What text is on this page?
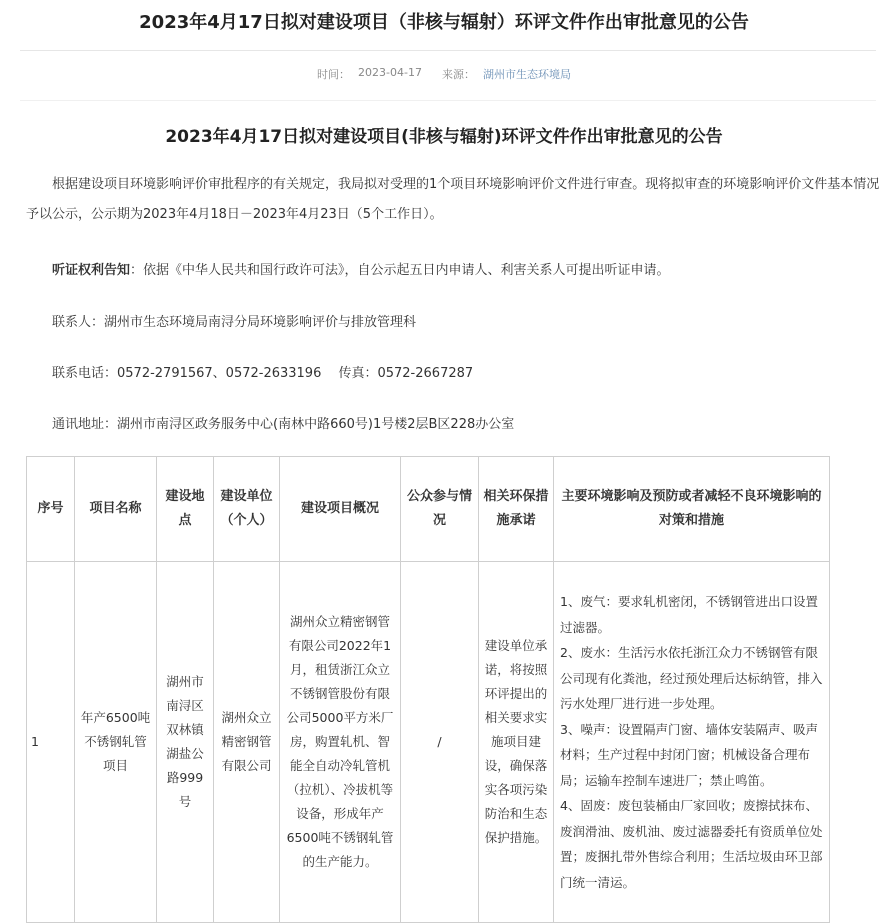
2023年4月17日拟对建设项目（非核与辐射）环评文件作出审批意见的公告
时间： 2023-04-17 来源： 湖州市生态环境局
2023年4月17日拟对建设项目(非核与辐射)环评文件作出审批意见的公告
根据建设项目环境影响评价审批程序的有关规定，我局拟对受理的1个项目环境影响评价文件进行审查。现将拟审查的环境影响评价文件基本情况予以公示，公示期为2023年4月18日－2023年4月23日（5个工作日）。
听证权利告知：依据《中华人民共和国行政许可法》，自公示起五日内申请人、利害关系人可提出听证申请。
联系人：湖州市生态环境局南浔分局环境影响评价与排放管理科
联系电话：0572-2791567、0572-2633196　 传真：0572-2667287
通讯地址：湖州市南浔区政务服务中心(南林中路660号)1号楼2层B区228办公室
序号	项目名称	建设地点	建设单位（个人）	建设项目概况	公众参与情况	相关环保措施承诺	主要环境影响及预防或者减轻不良环境影响的对策和措施
1	年产6500吨不锈钢轧管项目	湖州市南浔区双林镇湖盐公路999号	湖州众立精密钢管有限公司	湖州众立精密钢管有限公司2022年1月，租赁浙江众立不锈钢管股份有限公司5000平方米厂房，购置轧机、智能全自动冷轧管机（拉机）、冷拔机等设备，形成年产6500吨不锈钢轧管的生产能力。	/	建设单位承诺，将按照环评提出的相关要求实施项目建设，确保落实各项污染防治和生态保护措施。	1、废气：要求轧机密闭，不锈钢管进出口设置过滤器。
2、废水：生活污水依托浙江众力不锈钢管有限公司现有化粪池，经过预处理后达标纳管，排入污水处理厂进行进一步处理。
3、噪声：设置隔声门窗、墙体安装隔声、吸声材料；生产过程中封闭门窗；机械设备合理布局；运输车控制车速进厂；禁止鸣笛。
4、固废：废包装桶由厂家回收；废擦拭抹布、废润滑油、废机油、废过滤器委托有资质单位处置；废捆扎带外售综合利用；生活垃圾由环卫部门统一清运。
